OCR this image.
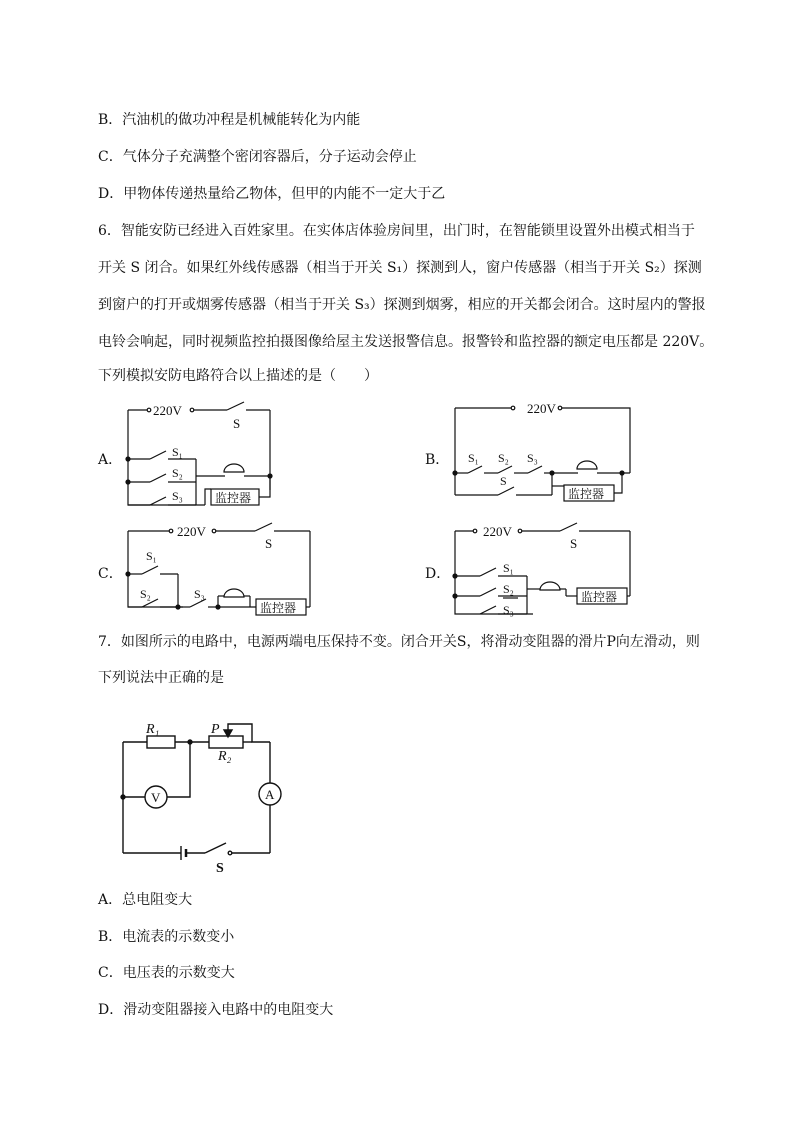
B．汽油机的做功冲程是机械能转化为内能
C．气体分子充满整个密闭容器后，分子运动会停止
D．甲物体传递热量给乙物体，但甲的内能不一定大于乙
6．智能安防已经进入百姓家里。在实体店体验房间里，出门时，在智能锁里设置外出模式相当于
开关 S 闭合。如果红外线传感器（相当于开关 S₁）探测到人，窗户传感器（相当于开关 S₂）探测
到窗户的打开或烟雾传感器（相当于开关 S₃）探测到烟雾，相应的开关都会闭合。这时屋内的警报
电铃会响起，同时视频监控拍摄图像给屋主发送报警信息。报警铃和监控器的额定电压都是 220V。
下列模拟安防电路符合以上描述的是（　　）
A．	B．
C．	D．
220V
S
S₁
S₂
S₃	监控器
220V
S₁ S₂ S₃
S
监控器
220V
S
S₁
S₂	S₃
监控器
220V
S
S₁
S₂
S₃
监控器
7．如图所示的电路中，电源两端电压保持不变。闭合开关S，将滑动变阻器的滑片P向左滑动，则
下列说法中正确的是
R₁
R₂
P
V	A
S
A．总电阻变大
B．电流表的示数变小
C．电压表的示数变大
D．滑动变阻器接入电路中的电阻变大
